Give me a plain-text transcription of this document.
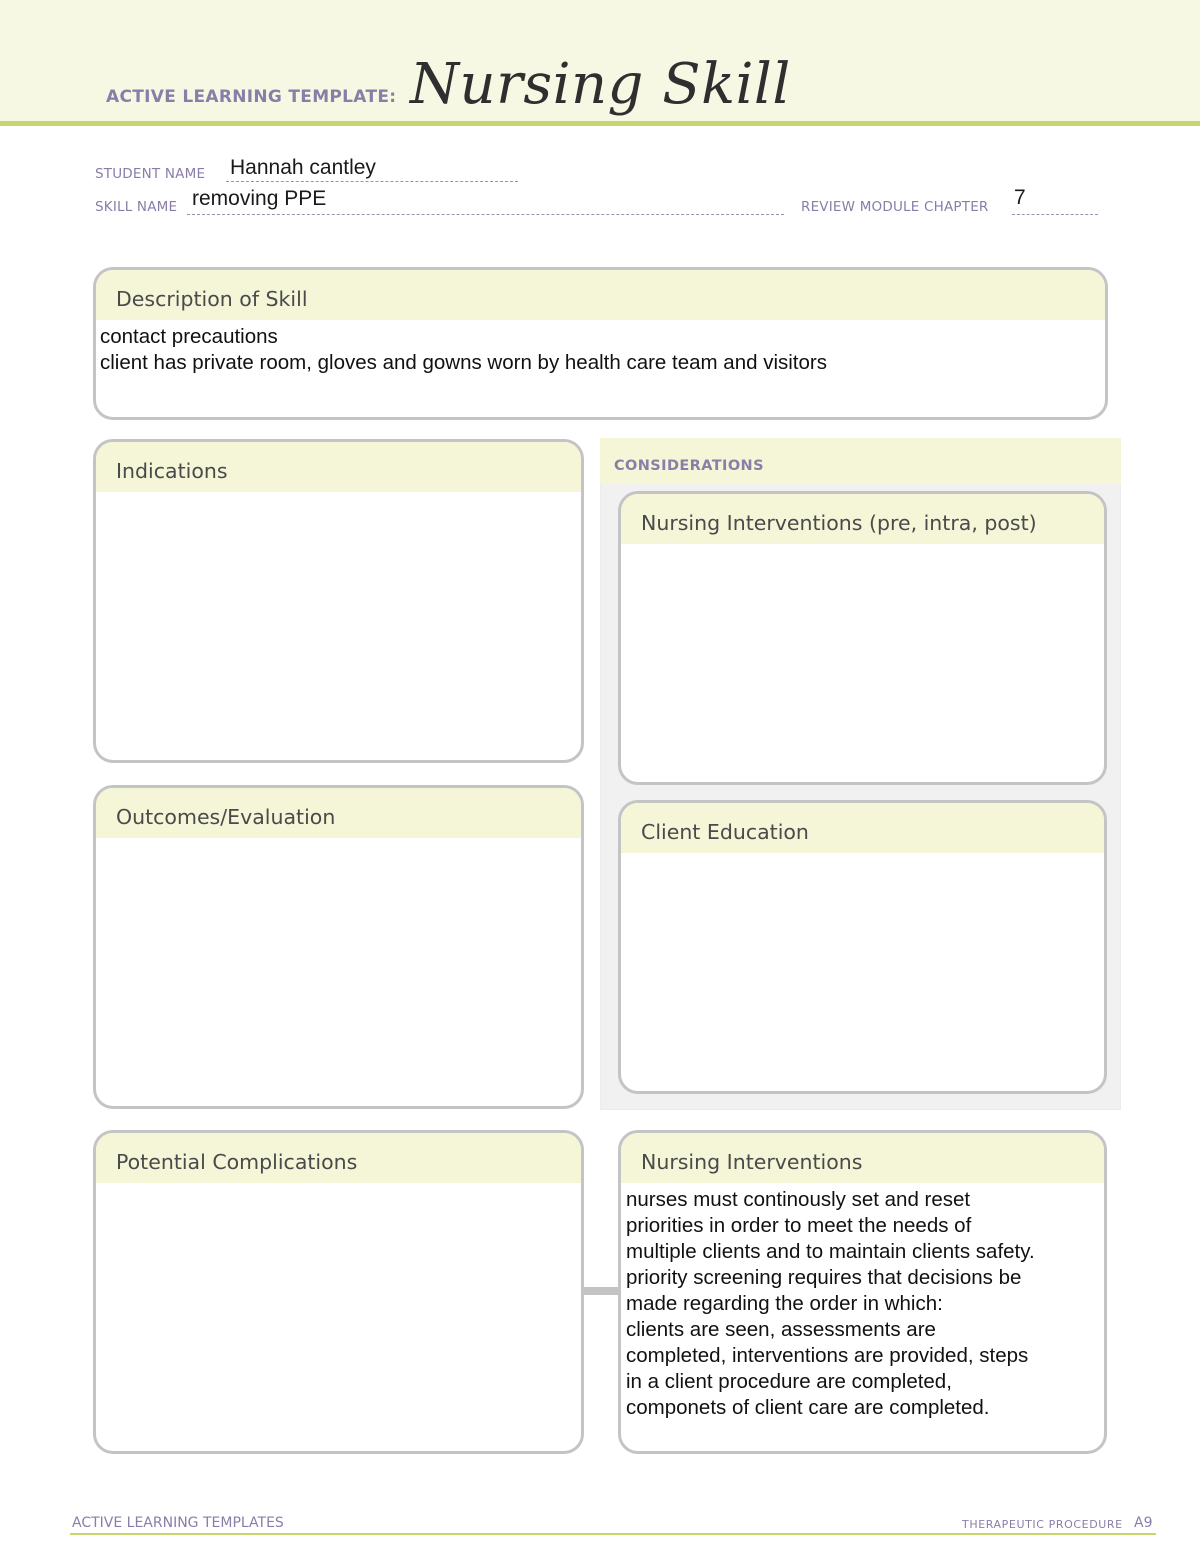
ACTIVE LEARNING TEMPLATE: Nursing Skill
STUDENT NAME Hannah cantley
SKILL NAME removing PPE	REVIEW MODULE CHAPTER 7
Description of Skill
contact precautions
client has private room, gloves and gowns worn by health care team and visitors
Indications
Outcomes/Evaluation
CONSIDERATIONS
Nursing Interventions (pre, intra, post)
Client Education
Potential Complications	Nursing Interventions
nurses must continously set and reset
priorities in order to meet the needs of
multiple clients and to maintain clients safety.
priority screening requires that decisions be
made regarding the order in which:
clients are seen, assessments are
completed, interventions are provided, steps
in a client procedure are completed,
componets of client care are completed.
ACTIVE LEARNING TEMPLATES	THERAPEUTIC PROCEDURE A9
